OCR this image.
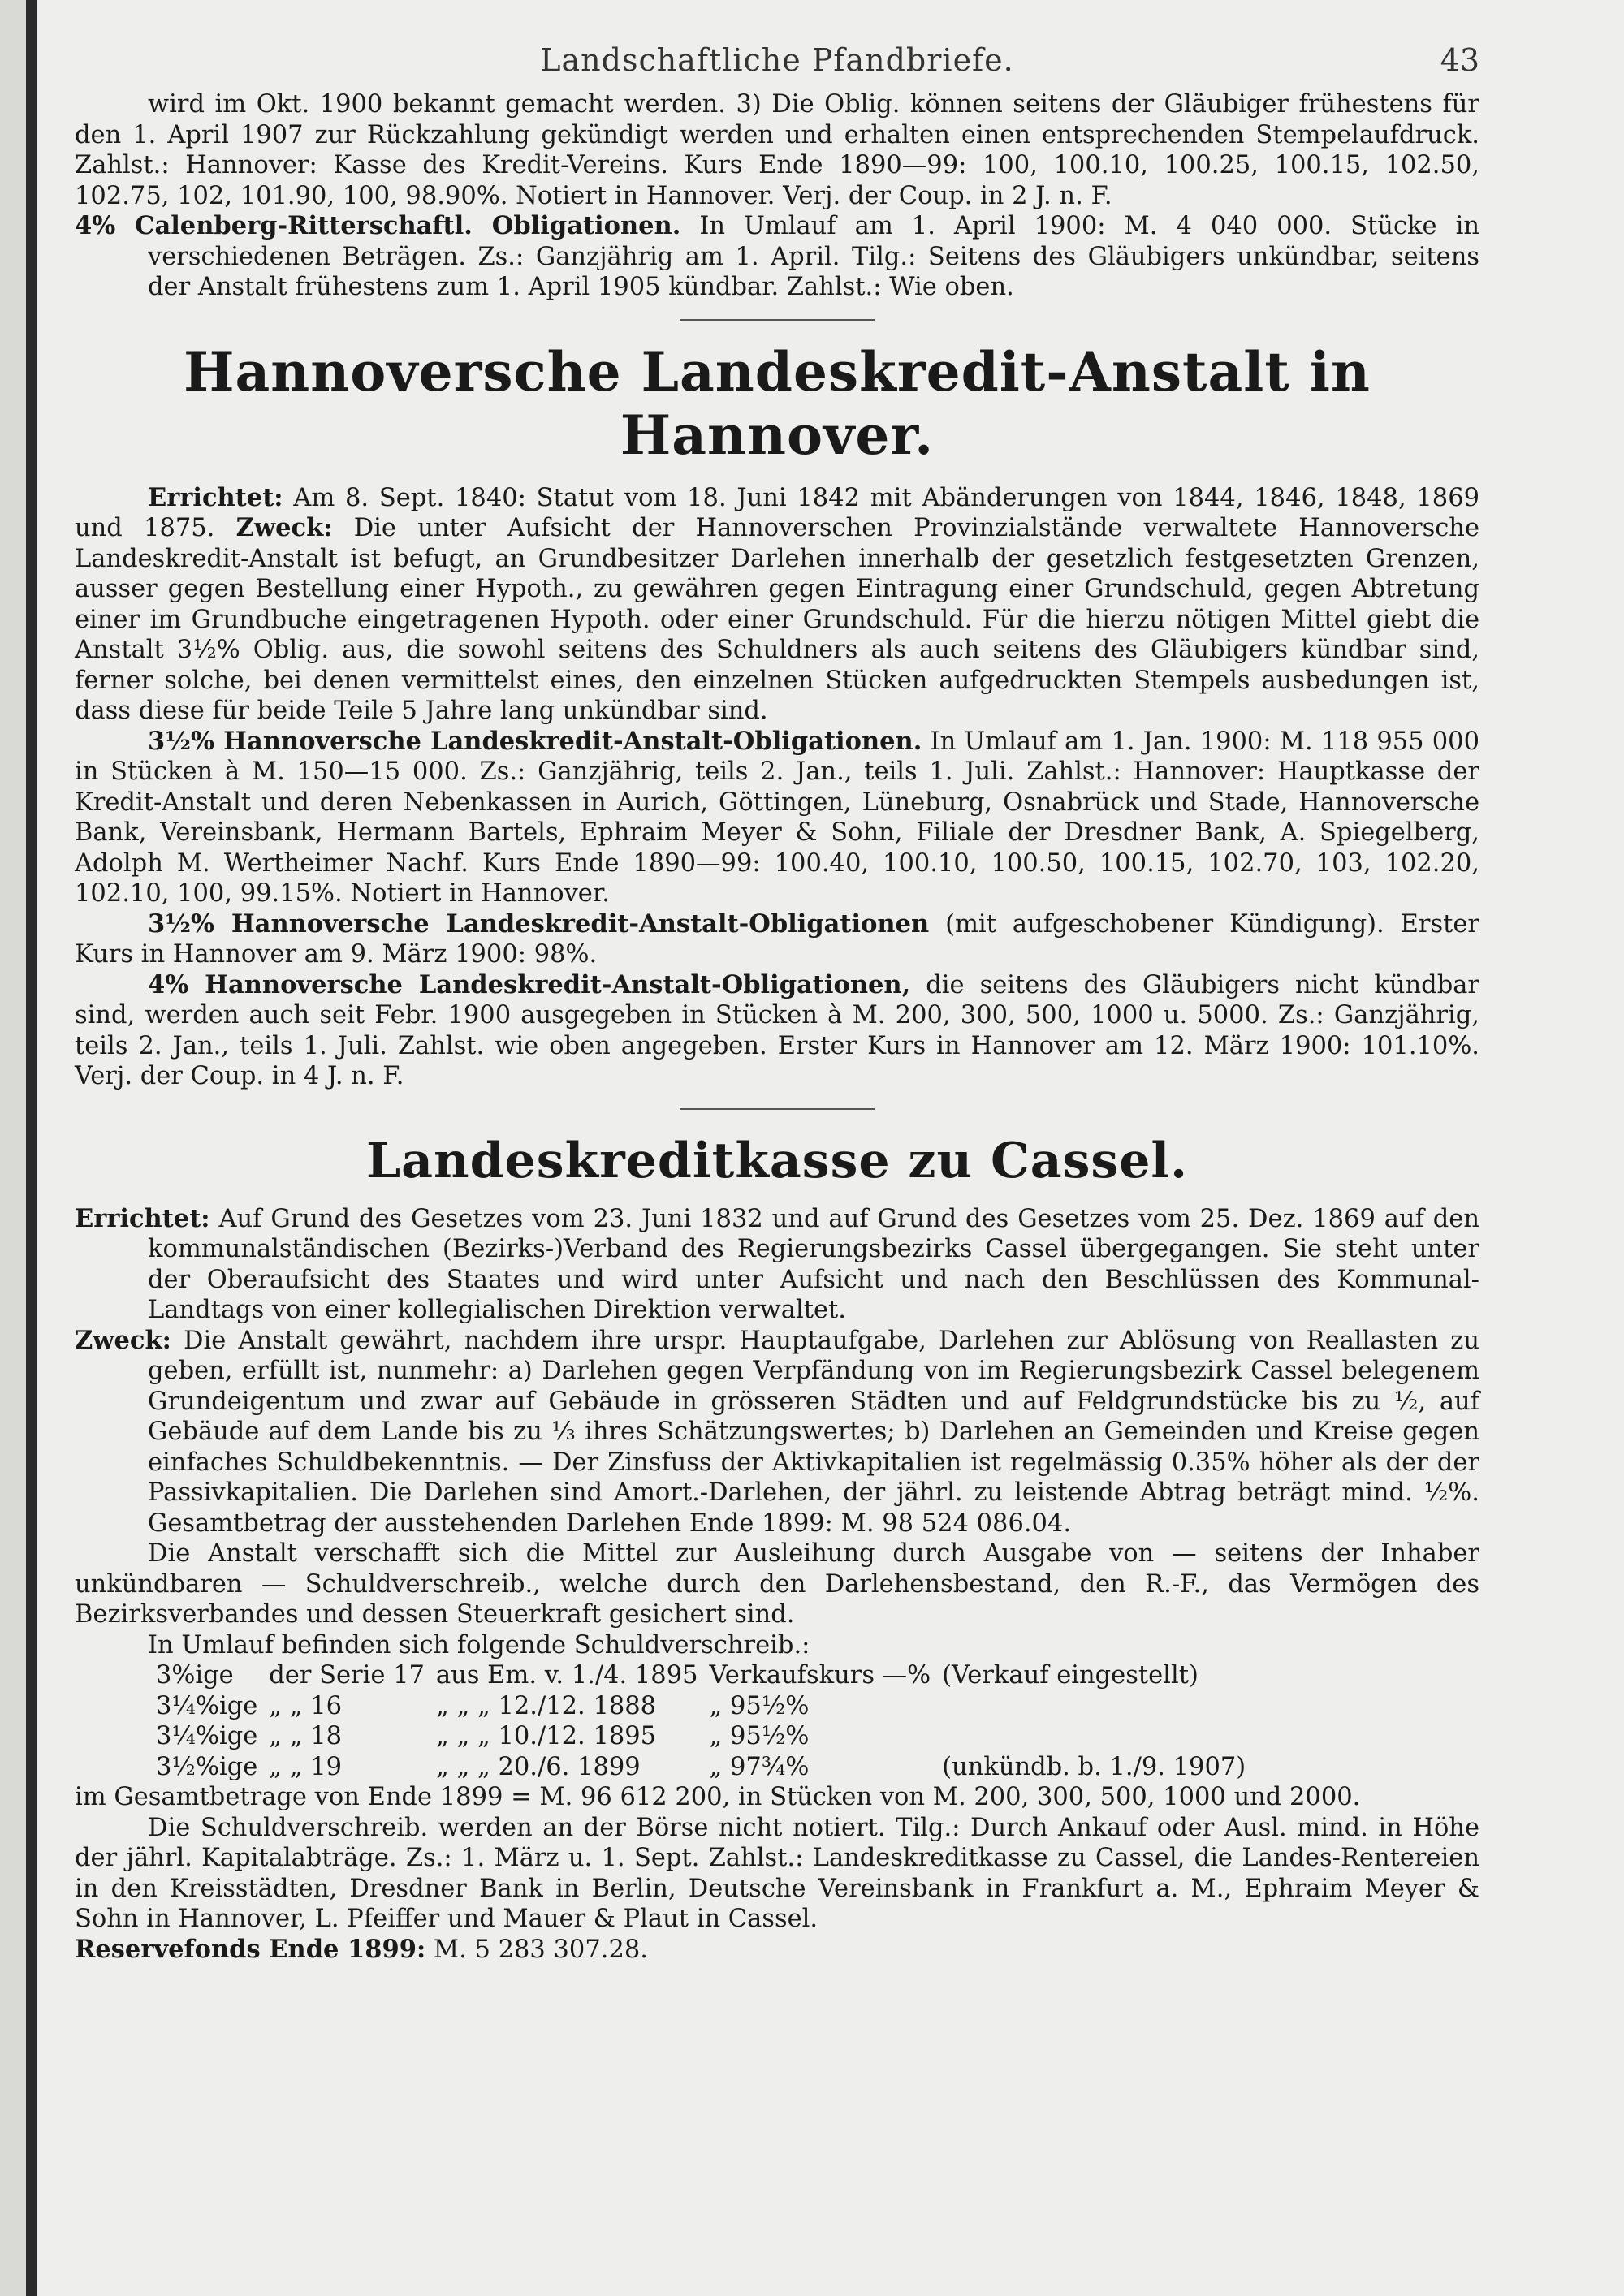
Landschaftliche Pfandbriefe.	43

wird im Okt. 1900 bekannt gemacht werden. 3) Die Oblig. können seitens der Gläubiger frühestens für den 1. April 1907 zur Rückzahlung gekündigt werden und erhalten einen entsprechenden Stempelaufdruck. Zahlst.: Hannover: Kasse des Kredit-Vereins. Kurs Ende 1890—99: 100, 100.10, 100.25, 100.15, 102.50, 102.75, 102, 101.90, 100, 98.90%. Notiert in Hannover. Verj. der Coup. in 2 J. n. F.

4% Calenberg-Ritterschaftl. Obligationen. In Umlauf am 1. April 1900: M. 4 040 000. Stücke in verschiedenen Beträgen. Zs.: Ganzjährig am 1. April. Tilg.: Seitens des Gläubigers unkündbar, seitens der Anstalt frühestens zum 1. April 1905 kündbar. Zahlst.: Wie oben.

Hannoversche Landeskredit-Anstalt in Hannover.

Errichtet: Am 8. Sept. 1840: Statut vom 18. Juni 1842 mit Abänderungen von 1844, 1846, 1848, 1869 und 1875. Zweck: Die unter Aufsicht der Hannoverschen Provinzialstände verwaltete Hannoversche Landeskredit-Anstalt ist befugt, an Grundbesitzer Darlehen innerhalb der gesetzlich festgesetzten Grenzen, ausser gegen Bestellung einer Hypoth., zu gewähren gegen Eintragung einer Grundschuld, gegen Abtretung einer im Grundbuche eingetragenen Hypoth. oder einer Grundschuld. Für die hierzu nötigen Mittel giebt die Anstalt 3½% Oblig. aus, die sowohl seitens des Schuldners als auch seitens des Gläubigers kündbar sind, ferner solche, bei denen vermittelst eines, den einzelnen Stücken aufgedruckten Stempels ausbedungen ist, dass diese für beide Teile 5 Jahre lang unkündbar sind.

3½% Hannoversche Landeskredit-Anstalt-Obligationen. In Umlauf am 1. Jan. 1900: M. 118 955 000 in Stücken à M. 150—15 000. Zs.: Ganzjährig, teils 2. Jan., teils 1. Juli. Zahlst.: Hannover: Hauptkasse der Kredit-Anstalt und deren Nebenkassen in Aurich, Göttingen, Lüneburg, Osnabrück und Stade, Hannoversche Bank, Vereinsbank, Hermann Bartels, Ephraim Meyer & Sohn, Filiale der Dresdner Bank, A. Spiegelberg, Adolph M. Wertheimer Nachf. Kurs Ende 1890—99: 100.40, 100.10, 100.50, 100.15, 102.70, 103, 102.20, 102.10, 100, 99.15%. Notiert in Hannover.

3½% Hannoversche Landeskredit-Anstalt-Obligationen (mit aufgeschobener Kündigung). Erster Kurs in Hannover am 9. März 1900: 98%.

4% Hannoversche Landeskredit-Anstalt-Obligationen, die seitens des Gläubigers nicht kündbar sind, werden auch seit Febr. 1900 ausgegeben in Stücken à M. 200, 300, 500, 1000 u. 5000. Zs.: Ganzjährig, teils 2. Jan., teils 1. Juli. Zahlst. wie oben angegeben. Erster Kurs in Hannover am 12. März 1900: 101.10%. Verj. der Coup. in 4 J. n. F.

Landeskreditkasse zu Cassel.

Errichtet: Auf Grund des Gesetzes vom 23. Juni 1832 und auf Grund des Gesetzes vom 25. Dez. 1869 auf den kommunalständischen (Bezirks-)Verband des Regierungsbezirks Cassel übergegangen. Sie steht unter der Oberaufsicht des Staates und wird unter Aufsicht und nach den Beschlüssen des Kommunal-Landtags von einer kollegialischen Direktion verwaltet.

Zweck: Die Anstalt gewährt, nachdem ihre urspr. Hauptaufgabe, Darlehen zur Ablösung von Reallasten zu geben, erfüllt ist, nunmehr: a) Darlehen gegen Verpfändung von im Regierungsbezirk Cassel belegenem Grundeigentum und zwar auf Gebäude in grösseren Städten und auf Feldgrundstücke bis zu ½, auf Gebäude auf dem Lande bis zu ⅓ ihres Schätzungswertes; b) Darlehen an Gemeinden und Kreise gegen einfaches Schuldbekenntnis. — Der Zinsfuss der Aktivkapitalien ist regelmässig 0.35% höher als der der Passivkapitalien. Die Darlehen sind Amort.-Darlehen, der jährl. zu leistende Abtrag beträgt mind. ½%. Gesamtbetrag der ausstehenden Darlehen Ende 1899: M. 98 524 086.04.

Die Anstalt verschafft sich die Mittel zur Ausleihung durch Ausgabe von — seitens der Inhaber unkündbaren — Schuldverschreib., welche durch den Darlehensbestand, den R.-F., das Vermögen des Bezirksverbandes und dessen Steuerkraft gesichert sind.

In Umlauf befinden sich folgende Schuldverschreib.:

3%ige	der Serie 17	aus Em. v. 1./4. 1895	Verkaufskurs —%	(Verkauf eingestellt)
3¼%ige	„ „ 16	„ „ „ 12./12. 1888	„ 95½%	
3¼%ige	„ „ 18	„ „ „ 10./12. 1895	„ 95½%	
3½%ige	„ „ 19	„ „ „ 20./6. 1899	„ 97¾%	(unkündb. b. 1./9. 1907)

im Gesamtbetrage von Ende 1899 = M. 96 612 200, in Stücken von M. 200, 300, 500, 1000 und 2000.

Die Schuldverschreib. werden an der Börse nicht notiert. Tilg.: Durch Ankauf oder Ausl. mind. in Höhe der jährl. Kapitalabträge. Zs.: 1. März u. 1. Sept. Zahlst.: Landeskreditkasse zu Cassel, die Landes-Rentereien in den Kreisstädten, Dresdner Bank in Berlin, Deutsche Vereinsbank in Frankfurt a. M., Ephraim Meyer & Sohn in Hannover, L. Pfeiffer und Mauer & Plaut in Cassel.

Reservefonds Ende 1899: M. 5 283 307.28.
